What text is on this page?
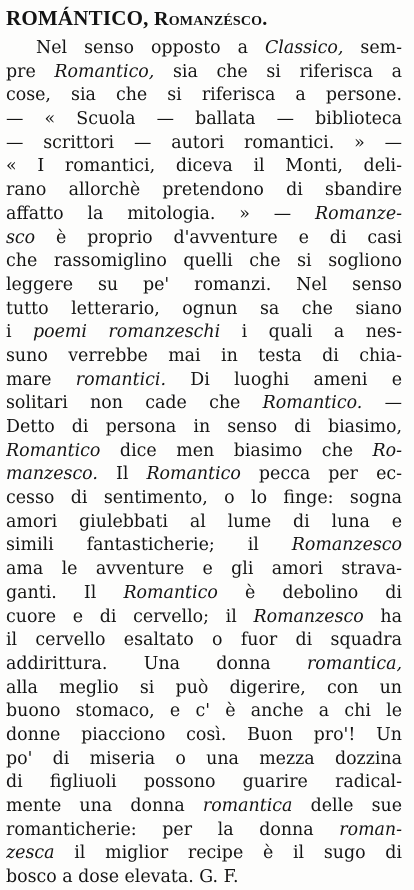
ROMÁNTICO, Romanzésco.
Nel senso opposto a Classico, sem-
pre Romantico, sia che si riferisca a
cose, sia che si riferisca a persone.
— « Scuola — ballata — biblioteca
— scrittori — autori romantici. » —
« I romantici, diceva il Monti, deli-
rano allorchè pretendono di sbandire
affatto la mitologia. » — Romanze-
sco è proprio d'avventure e di casi
che rassomiglino quelli che si sogliono
leggere su pe' romanzi. Nel senso
tutto letterario, ognun sa che siano
i poemi romanzeschi i quali a nes-
suno verrebbe mai in testa di chia-
mare romantici. Di luoghi ameni e
solitari non cade che Romantico. —
Detto di persona in senso di biasimo,
Romantico dice men biasimo che Ro-
manzesco. Il Romantico pecca per ec-
cesso di sentimento, o lo finge: sogna
amori giulebbati al lume di luna e
simili fantasticherie; il Romanzesco
ama le avventure e gli amori strava-
ganti. Il Romantico è debolino di
cuore e di cervello; il Romanzesco ha
il cervello esaltato o fuor di squadra
addirittura. Una donna romantica,
alla meglio si può digerire, con un
buono stomaco, e c' è anche a chi le
donne piacciono così. Buon pro'! Un
po' di miseria o una mezza dozzina
di figliuoli possono guarire radical-
mente una donna romantica delle sue
romanticherie: per la donna roman-
zesca il miglior recipe è il sugo di
bosco a dose elevata. G. F.
